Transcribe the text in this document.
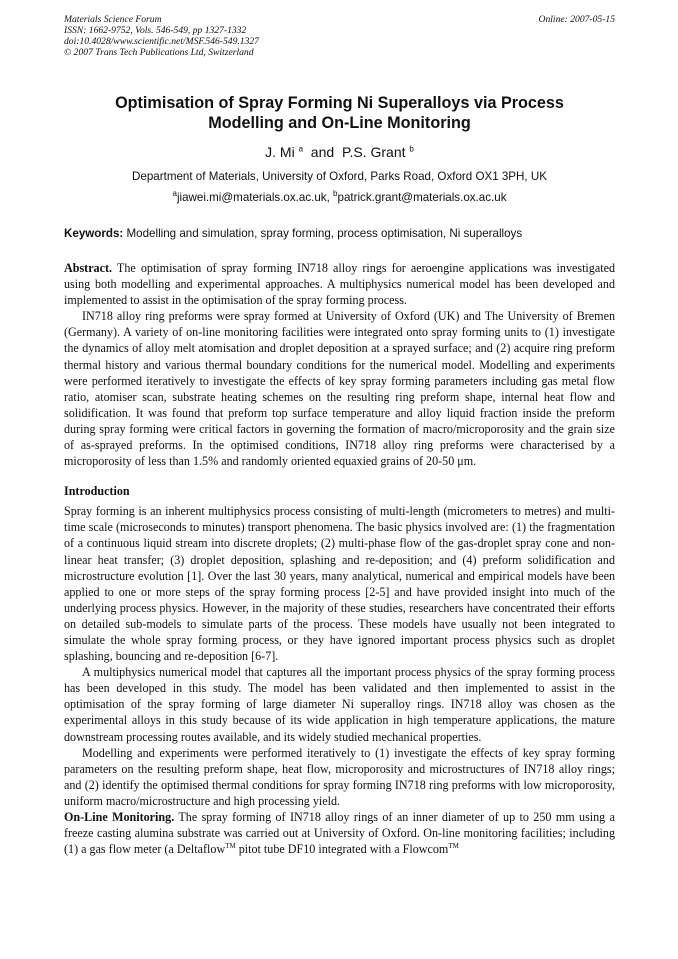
Materials Science Forum
ISSN: 1662-9752, Vols. 546-549, pp 1327-1332
doi:10.4028/www.scientific.net/MSF.546-549.1327
© 2007 Trans Tech Publications Ltd, Switzerland
Online: 2007-05-15
Optimisation of Spray Forming Ni Superalloys via Process
Modelling and On-Line Monitoring
J. Mi $^a$  and  P.S. Grant $^b$
Department of Materials, University of Oxford, Parks Road, Oxford OX1 3PH, UK
$^a$jiawei.mi@materials.ox.ac.uk, $^b$patrick.grant@materials.ox.ac.uk
Keywords: Modelling and simulation, spray forming, process optimisation, Ni superalloys

Abstract. The optimisation of spray forming IN718 alloy rings for aeroengine applications was investigated using both modelling and experimental approaches. A multiphysics numerical model has been developed and implemented to assist in the optimisation of the spray forming process.

IN718 alloy ring preforms were spray formed at University of Oxford (UK) and The University of Bremen (Germany). A variety of on-line monitoring facilities were integrated onto spray forming units to (1) investigate the dynamics of alloy melt atomisation and droplet deposition at a sprayed surface; and (2) acquire ring preform thermal history and various thermal boundary conditions for the numerical model. Modelling and experiments were performed iteratively to investigate the effects of key spray forming parameters including gas metal flow ratio, atomiser scan, substrate heating schemes on the resulting ring preform shape, internal heat flow and solidification. It was found that preform top surface temperature and alloy liquid fraction inside the preform during spray forming were critical factors in governing the formation of macro/microporosity and the grain size of as-sprayed preforms. In the optimised conditions, IN718 alloy ring preforms were characterised by a microporosity of less than 1.5% and randomly oriented equaxied grains of 20-50 μm.

Introduction

Spray forming is an inherent multiphysics process consisting of multi-length (micrometers to metres) and multi-time scale (microseconds to minutes) transport phenomena. The basic physics involved are: (1) the fragmentation of a continuous liquid stream into discrete droplets; (2) multi-phase flow of the gas-droplet spray cone and non-linear heat transfer; (3) droplet deposition, splashing and re-deposition; and (4) preform solidification and microstructure evolution [1]. Over the last 30 years, many analytical, numerical and empirical models have been applied to one or more steps of the spray forming process [2-5] and have provided insight into much of the underlying process physics. However, in the majority of these studies, researchers have concentrated their efforts on detailed sub-models to simulate parts of the process. These models have usually not been integrated to simulate the whole spray forming process, or they have ignored important process physics such as droplet splashing, bouncing and re-deposition [6-7].

A multiphysics numerical model that captures all the important process physics of the spray forming process has been developed in this study. The model has been validated and then implemented to assist in the optimisation of the spray forming of large diameter Ni superalloy rings. IN718 alloy was chosen as the experimental alloys in this study because of its wide application in high temperature applications, the mature downstream processing routes available, and its widely studied mechanical properties.

Modelling and experiments were performed iteratively to (1) investigate the effects of key spray forming parameters on the resulting preform shape, heat flow, microporosity and microstructures of IN718 alloy rings; and (2) identify the optimised thermal conditions for spray forming IN718 ring preforms with low microporosity, uniform macro/microstructure and high processing yield.

On-Line Monitoring. The spray forming of IN718 alloy rings of an inner diameter of up to 250 mm using a freeze casting alumina substrate was carried out at University of Oxford. On-line monitoring facilities; including (1) a gas flow meter (a Deltaflow™ pitot tube DF10 integrated with a Flowcom™
